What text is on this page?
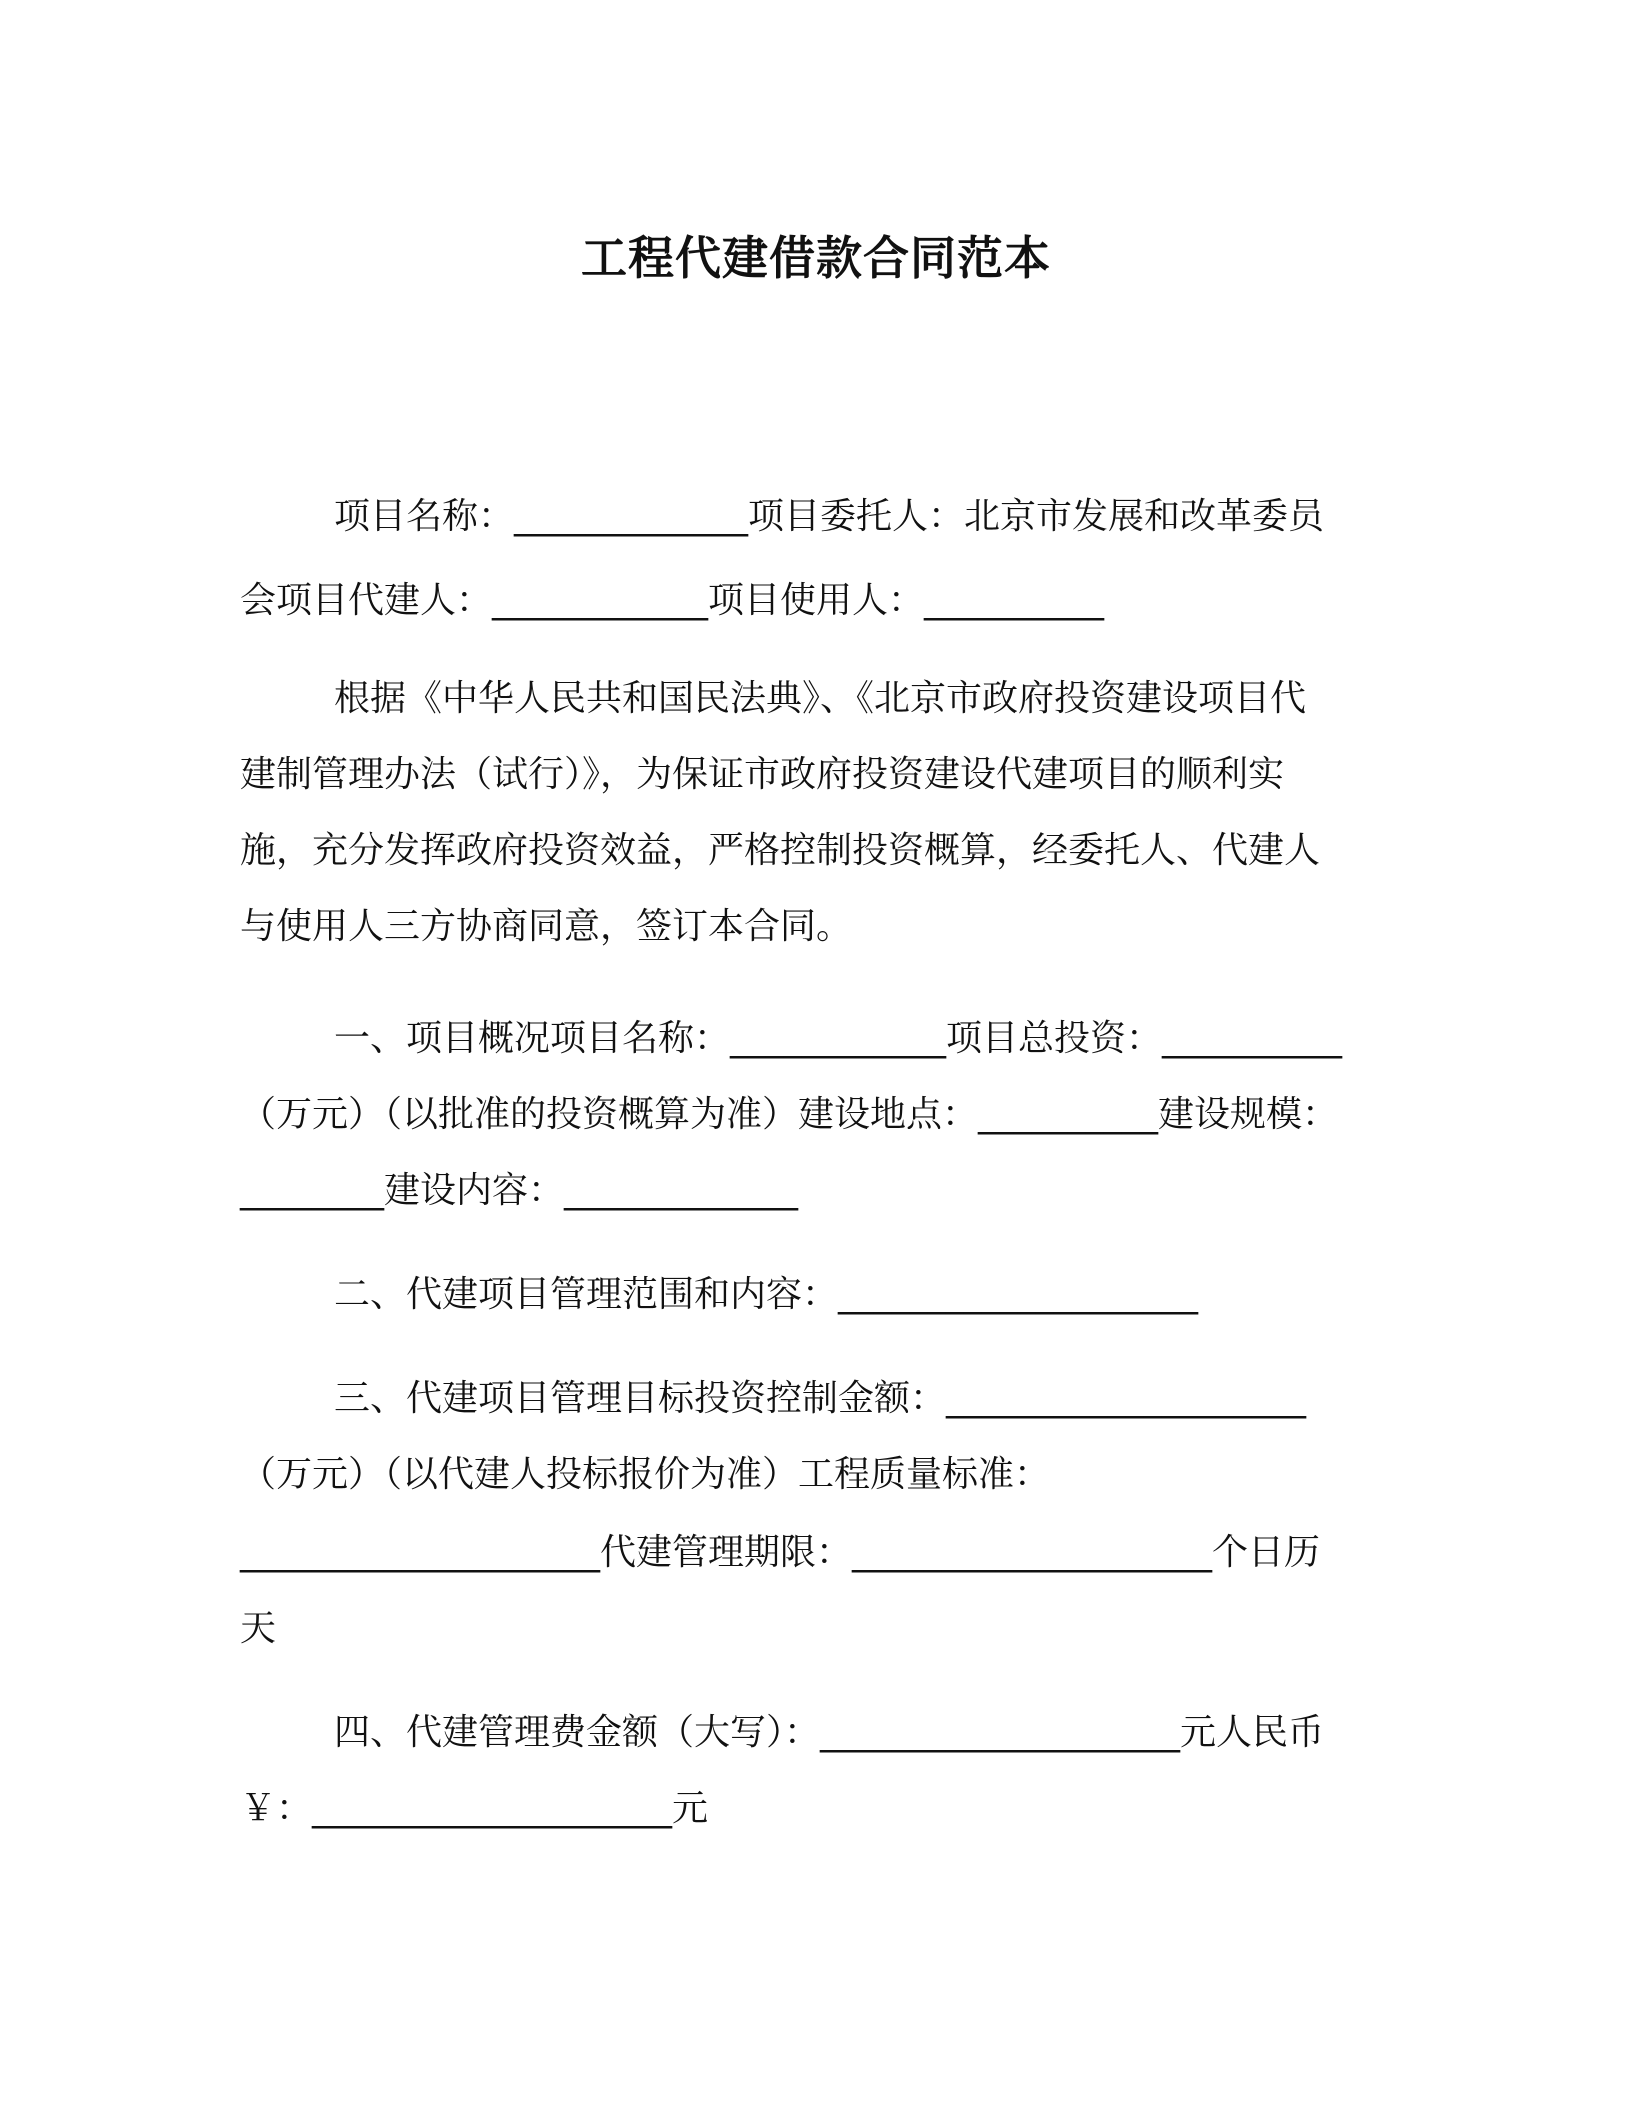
工程代建借款合同范本
项目名称：_____________项目委托人：北京市发展和改革委员
会项目代建人：____________项目使用人：__________
根据《中华人民共和国民法典》、《北京市政府投资建设项目代
建制管理办法（试行）》，为保证市政府投资建设代建项目的顺利实
施，充分发挥政府投资效益，严格控制投资概算，经委托人、代建人
与使用人三方协商同意，签订本合同。
一、项目概况项目名称：____________项目总投资：__________
（万元）（以批准的投资概算为准）建设地点：__________建设规模：
________建设内容：_____________
二、代建项目管理范围和内容：____________________
三、代建项目管理目标投资控制金额：____________________
（万元）（以代建人投标报价为准）工程质量标准：
____________________代建管理期限：____________________个日历
天
四、代建管理费金额（大写）：____________________元人民币
￥：____________________元
